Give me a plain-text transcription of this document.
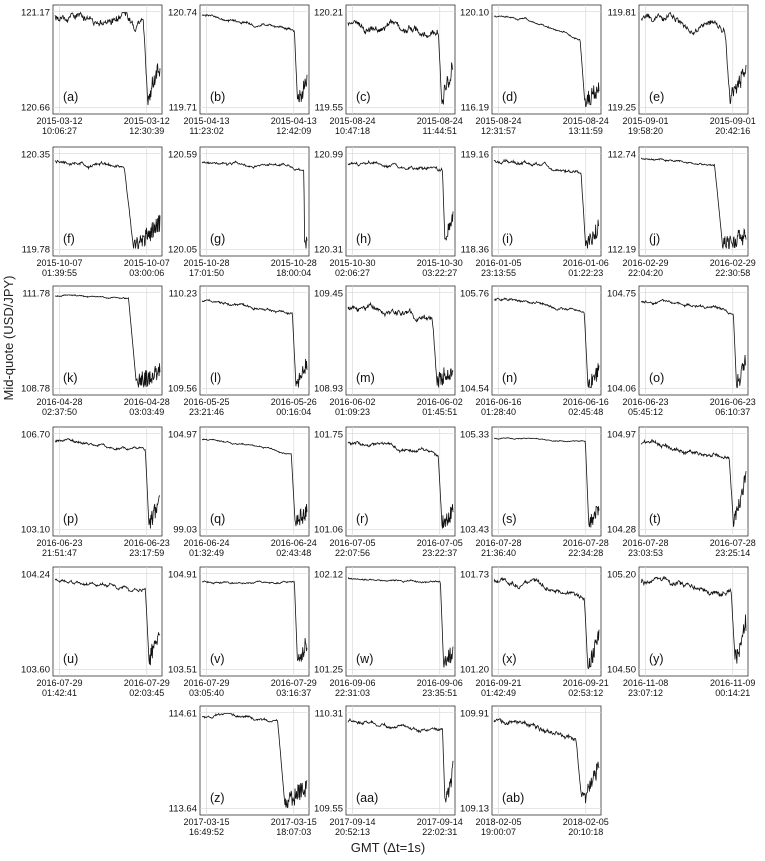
Mid-quote (USD/JPY)
GMT (Δt=1s)
121.17
120.66
2015-03-12 10:06:27
2015-03-12 12:30:39
(a)
120.74
119.71
2015-04-13 11:23:02
2015-04-13 12:42:09
(b)
120.21
119.55
2015-08-24 10:47:18
2015-08-24 11:44:51
(c)
120.10
116.19
2015-08-24 12:31:57
2015-08-24 13:11:59
(d)
119.81
119.25
2015-09-01 19:58:20
2015-09-01 20:42:16
(e)
120.35
119.78
2015-10-07 01:39:55
2015-10-07 03:00:06
(f)
120.59
120.05
2015-10-28 17:01:50
2015-10-28 18:00:04
(g)
120.99
120.31
2015-10-30 02:06:27
2015-10-30 03:22:27
(h)
119.16
118.36
2016-01-05 23:13:55
2016-01-06 01:22:23
(i)
112.74
112.19
2016-02-29 22:04:20
2016-02-29 22:30:58
(j)
111.78
108.78
2016-04-28 02:37:50
2016-04-28 03:03:49
(k)
110.23
109.56
2016-05-25 23:21:46
2016-05-26 00:16:04
(l)
109.45
108.93
2016-06-02 01:09:23
2016-06-02 01:45:51
(m)
105.76
104.54
2016-06-16 01:28:40
2016-06-16 02:45:48
(n)
104.75
104.06
2016-06-23 05:45:12
2016-06-23 06:10:37
(o)
106.70
103.10
2016-06-23 21:51:47
2016-06-23 23:17:59
(p)
104.97
99.03
2016-06-24 01:32:49
2016-06-24 02:43:48
(q)
101.75
101.06
2016-07-05 22:07:56
2016-07-05 23:22:37
(r)
105.33
103.43
2016-07-28 21:36:40
2016-07-28 22:34:28
(s)
104.97
104.28
2016-07-28 23:03:53
2016-07-28 23:25:14
(t)
104.24
103.60
2016-07-29 01:42:41
2016-07-29 02:03:45
(u)
104.91
103.51
2016-07-29 03:05:40
2016-07-29 03:16:37
(v)
102.12
101.25
2016-09-06 22:31:03
2016-09-06 23:35:51
(w)
101.73
101.20
2016-09-21 01:42:49
2016-09-21 02:53:12
(x)
105.20
104.50
2016-11-08 23:07:12
2016-11-09 00:14:21
(y)
114.61
113.64
2017-03-15 16:49:52
2017-03-15 18:07:03
(z)
110.31
109.55
2017-09-14 20:52:13
2017-09-14 22:02:31
(aa)
109.91
109.13
2018-02-05 19:00:07
2018-02-05 20:10:18
(ab)
